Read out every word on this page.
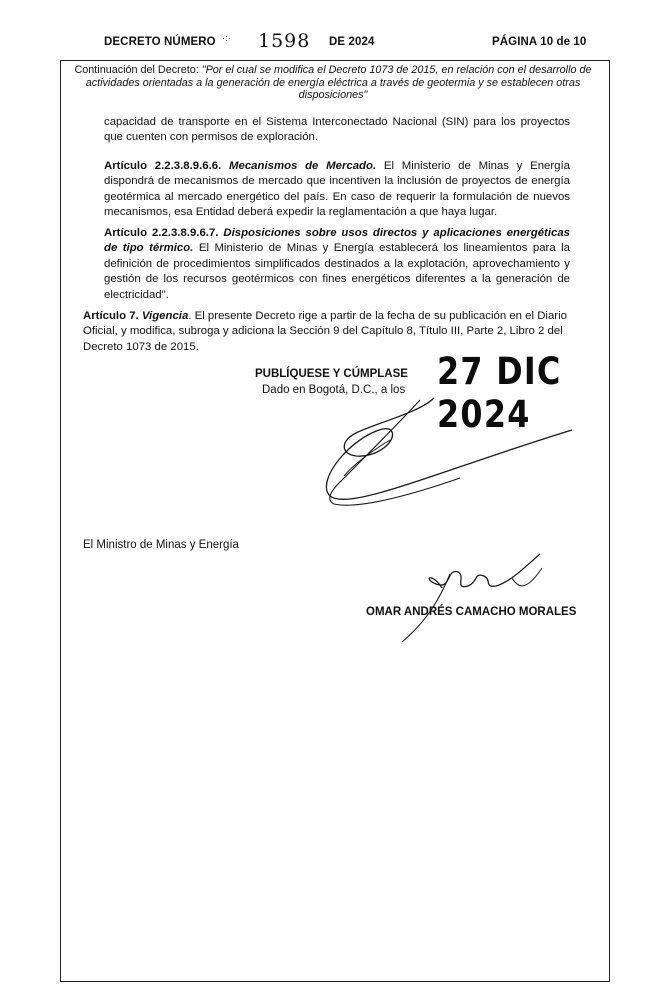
DECRETO NÚMERO ·:· 1598 DE 2024	PÁGINA 10 de 10
Continuación del Decreto: "Por el cual se modifica el Decreto 1073 de 2015, en relación con el desarrollo de actividades orientadas a la generación de energía eléctrica a través de geotermia y se establecen otras disposiciones"
capacidad de transporte en el Sistema Interconectado Nacional (SIN) para los proyectos que cuenten con permisos de exploración.
Artículo 2.2.3.8.9.6.6. Mecanismos de Mercado. El Ministerio de Minas y Energía dispondrá de mecanismos de mercado que incentiven la inclusión de proyectos de energía geotérmica al mercado energético del país. En caso de requerir la formulación de nuevos mecanismos, esa Entidad deberá expedir la reglamentación a que haya lugar.
Artículo 2.2.3.8.9.6.7. Disposiciones sobre usos directos y aplicaciones energéticas de tipo térmico. El Ministerio de Minas y Energía establecerá los lineamientos para la definición de procedimientos simplificados destinados a la explotación, aprovechamiento y gestión de los recursos geotérmicos con fines energéticos diferentes a la generación de electricidad".
Artículo 7. Vigencia. El presente Decreto rige a partir de la fecha de su publicación en el Diario Oficial, y modifica, subroga y adiciona la Sección 9 del Capítulo 8, Título III, Parte 2, Libro 2 del Decreto 1073 de 2015.
PUBLÍQUESE Y CÚMPLASE
Dado en Bogotá, D.C., a los 27 DIC 2024
El Ministro de Minas y Energía
OMAR ANDRÉS CAMACHO MORALES
